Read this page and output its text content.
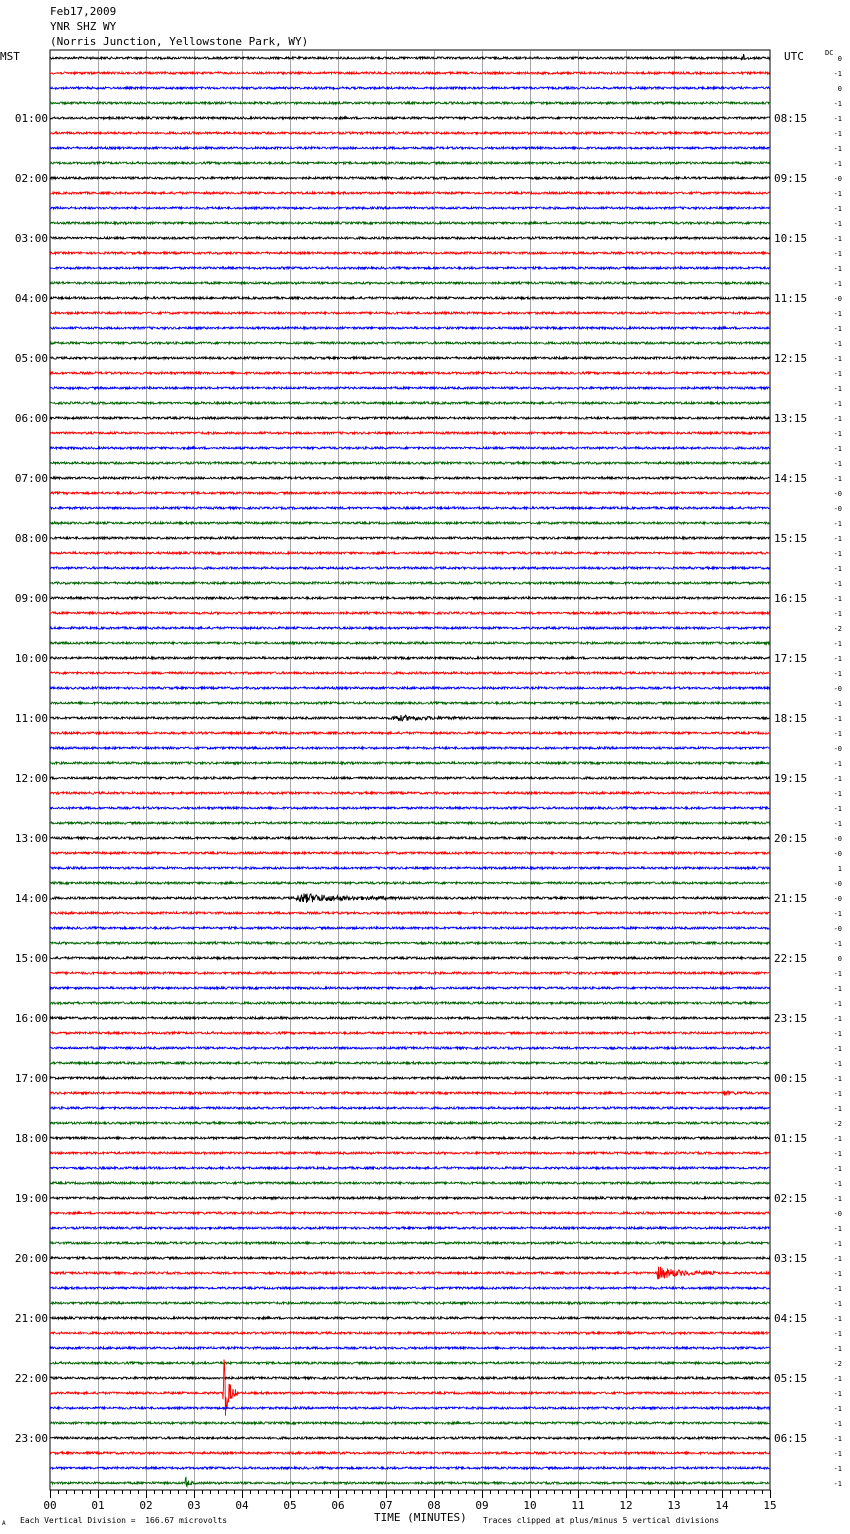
Feb17,2009
YNR SHZ WY
(Norris Junction, Yellowstone Park, WY)
MST	UTC	DC
0
-1
0
-1
-1
-1
-1
-1
-0
-1
-1
-1
-1
-1
-1
-1
-0
-1
-1
-1
-1
-1
-1
-1
-1
-1
-1
-1
-1
-0
-0
-1
-1
-1
-1
-1
-1
-1
-2
-1
-1
-1
-0
-1
-1
-1
-0
-1
-1
-1
-1
-1
-0
-0
1
-0
-0
-1
-0
-1
0
-1
-1
-1
-1
-1
-1
-1
-1
-1
-1
-2
-1
-1
-1
-1
-1
-0
-1
-1
-1
-1
-1
-1
-1
-1
-1
-2
-1
-1
-1
-1
-1
-1
-1
-1
01:00
02:00
03:00
04:00
05:00
06:00
07:00
08:00
09:00
10:00
11:00
12:00
13:00
14:00
15:00
16:00
17:00
18:00
19:00
20:00
21:00
22:00
23:00
08:15
09:15
10:15
11:15
12:15
13:15
14:15
15:15
16:15
17:15
18:15
19:15
20:15
21:15
22:15
23:15
00:15
01:15
02:15
03:15
04:15
05:15
06:15
00	01	02	03	04	05	06	07	08	09	10	11	12	13	14	15
TIME (MINUTES)
A Each Vertical Division =  166.67 microvolts	Traces clipped at plus/minus 5 vertical divisions
